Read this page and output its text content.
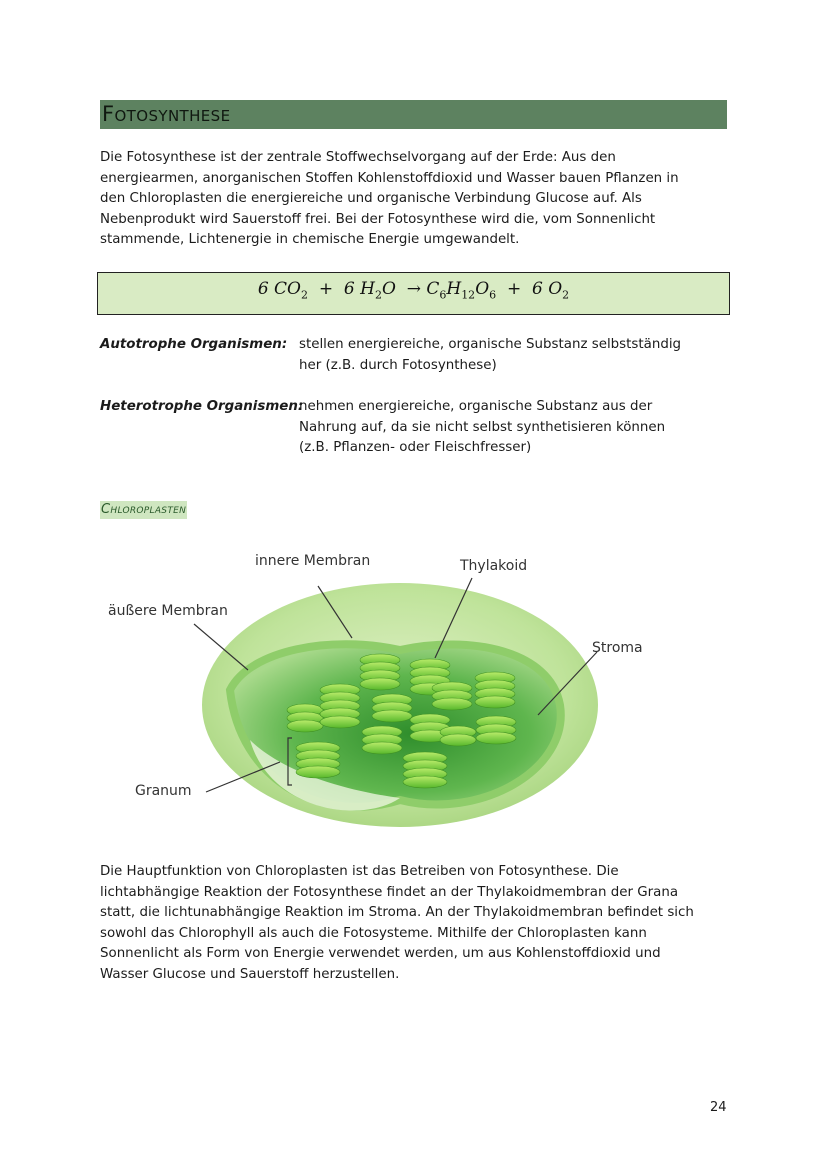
Fotosynthese
Die Fotosynthese ist der zentrale Stoffwechselvorgang auf der Erde: Aus den
energiearmen, anorganischen Stoffen Kohlenstoffdioxid und Wasser bauen Pflanzen in
den Chloroplasten die energiereiche und organische Verbindung Glucose auf. Als
Nebenprodukt wird Sauerstoff frei. Bei der Fotosynthese wird die, vom Sonnenlicht
stammende, Lichtenergie in chemische Energie umgewandelt.
6 $CO_2 + 6$ $H_2O \to C_6H_{12}O_6 + 6$ $O_2$
Autotrophe Organismen: stellen energiereiche, organische Substanz selbstständig
her (z.B. durch Fotosynthese)
Heterotrophe Organismen:
nehmen energiereiche, organische Substanz aus der
Nahrung auf, da sie nicht selbst synthetisieren können
(z.B. Pflanzen- oder Fleischfresser)
Chloroplasten
innere Membran	Thylakoid
äußere Membran
Stroma
Granum
Die Hauptfunktion von Chloroplasten ist das Betreiben von Fotosynthese. Die
lichtabhängige Reaktion der Fotosynthese findet an der Thylakoidmembran der Grana
statt, die lichtunabhängige Reaktion im Stroma. An der Thylakoidmembran befindet sich
sowohl das Chlorophyll als auch die Fotosysteme. Mithilfe der Chloroplasten kann
Sonnenlicht als Form von Energie verwendet werden, um aus Kohlenstoffdioxid und
Wasser Glucose und Sauerstoff herzustellen.
24
